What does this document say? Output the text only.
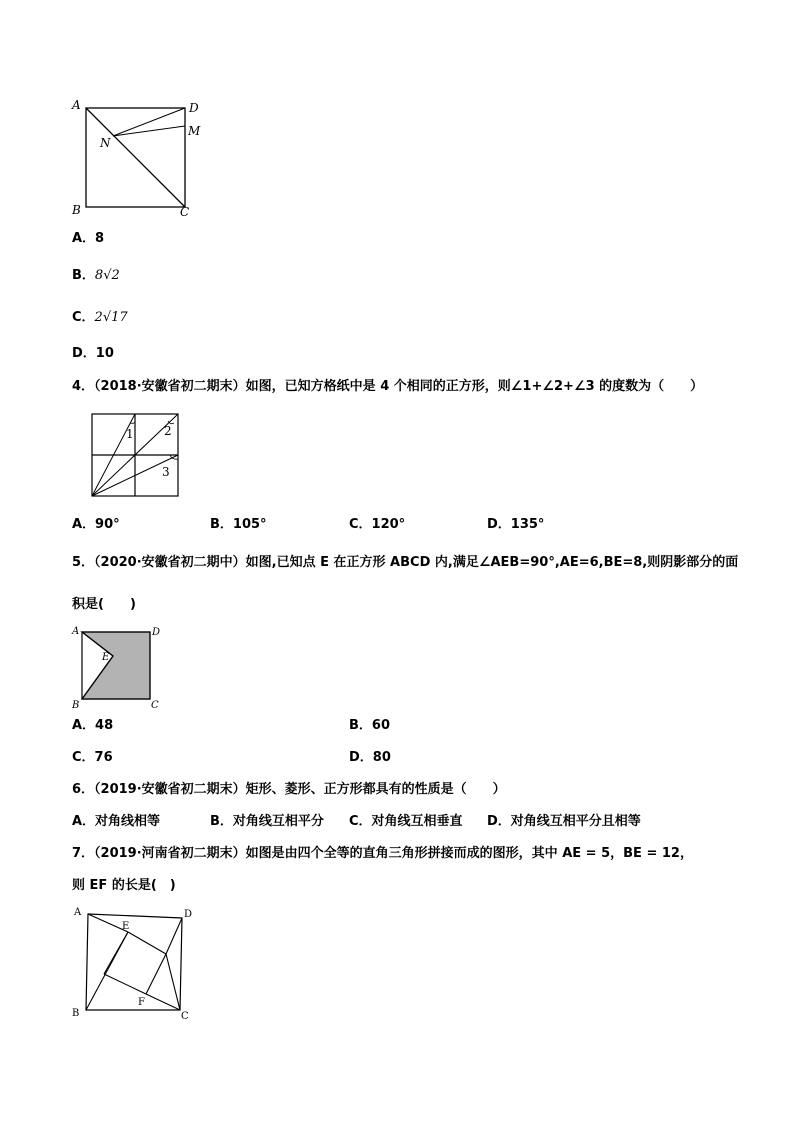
A	D
M
N
B	C
A．8
B．8√2
C．2√17
D．10
4．（2018·安徽省初二期末）如图，已知方格纸中是 4 个相同的正方形，则∠1+∠2+∠3 的度数为（　　）
1	2
3
A．90°	B．105°	C．120°	D．135°
5．（2020·安徽省初二期中）如图,已知点 E 在正方形 ABCD 内,满足∠AEB=90°,AE=6,BE=8,则阴影部分的面
积是(　　)
A	D
E
B	C
A．48	B．60
C．76	D．80
6．（2019·安徽省初二期末）矩形、菱形、正方形都具有的性质是（　　）
A．对角线相等	B．对角线互相平分 C．对角线互相垂直 D．对角线互相平分且相等
7．（2019·河南省初二期末）如图是由四个全等的直角三角形拼接而成的图形，其中 AE = 5，BE = 12，
则 EF 的长是(　)
A	D
E
F
B	C
